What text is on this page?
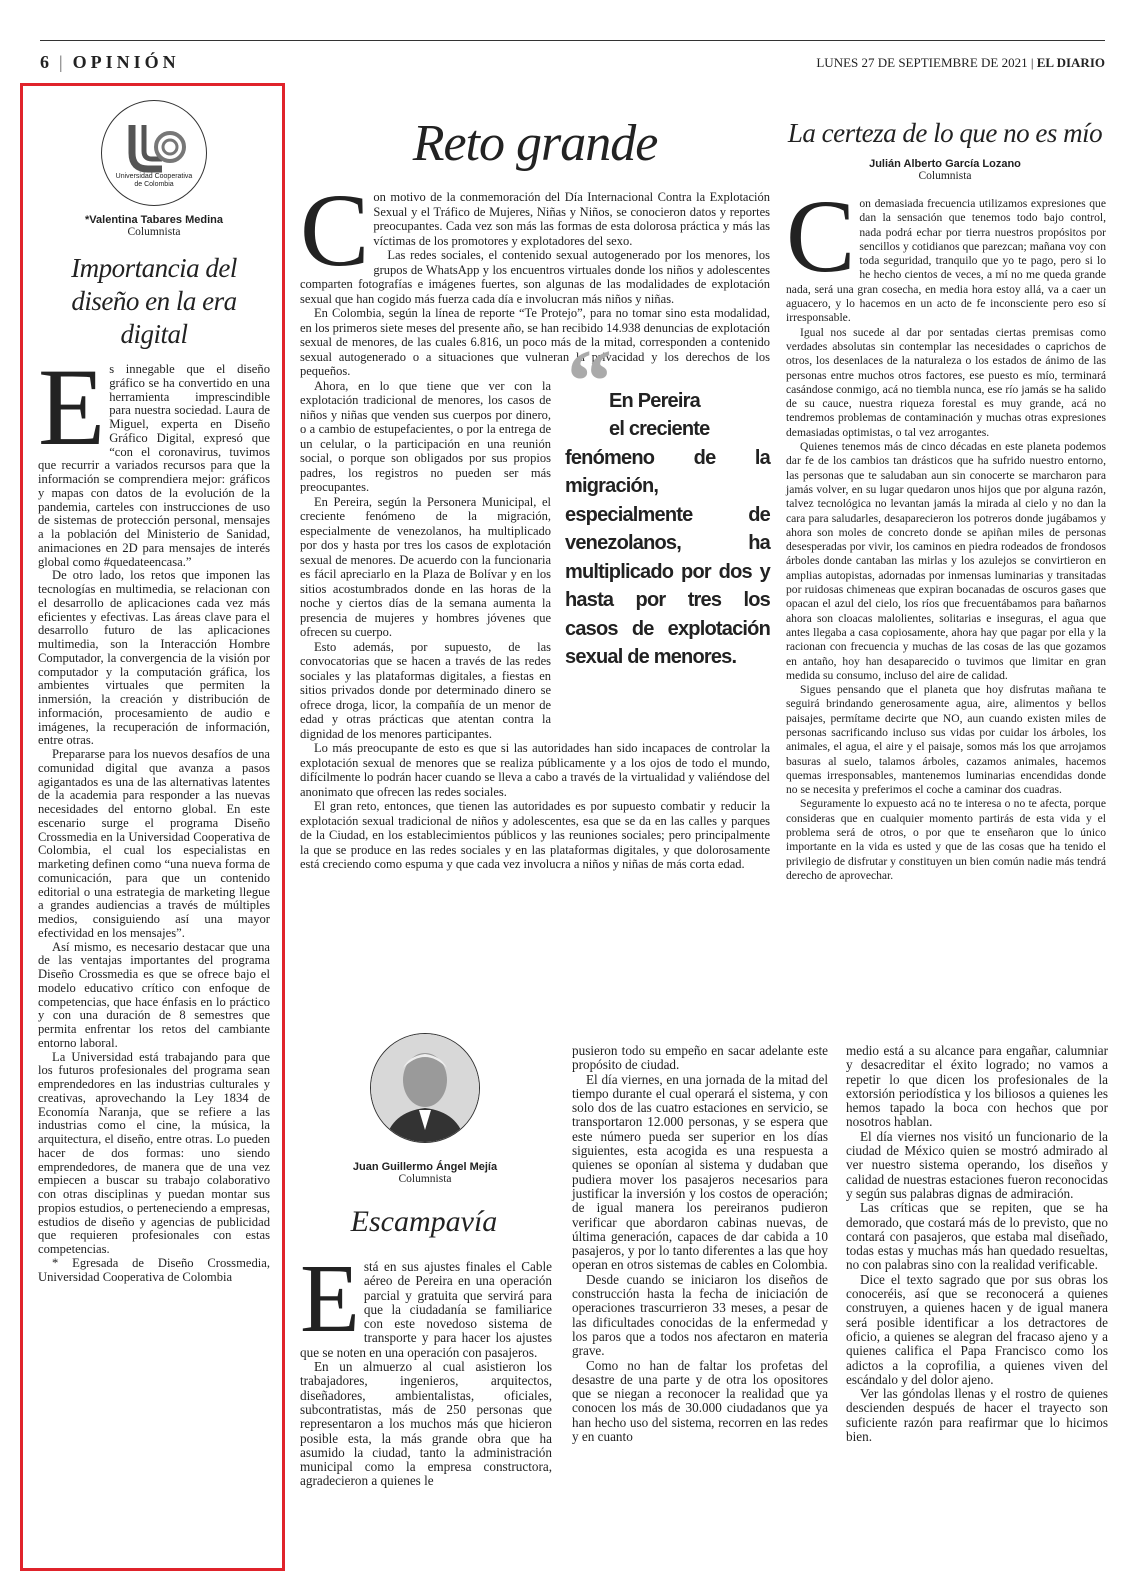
6 | OPINIÓN	LUNES 27 DE SEPTIEMBRE DE 2021 | EL DIARIO
Universidad Cooperativa
de Colombia
*Valentina Tabares Medina
Columnista
Importancia del
diseño en la era digital

Es innegable que el diseño gráfico se ha convertido en una herramienta imprescindible para nuestra sociedad. Laura de Miguel, experta en Diseño Gráfico Digital, expresó que “con el coronavirus, tuvimos que recurrir a variados recursos para que la información se comprendiera mejor: gráficos y mapas con datos de la evolución de la pandemia, carteles con instrucciones de uso de sistemas de protección personal, mensajes a la población del Ministerio de Sanidad, animaciones en 2D para mensajes de interés global como #quedateencasa.”

De otro lado, los retos que imponen las tecnologías en multimedia, se relacionan con el desarrollo de aplicaciones cada vez más eficientes y efectivas. Las áreas clave para el desarrollo futuro de las aplicaciones multimedia, son la Interacción Hombre Computador, la convergencia de la visión por computador y la computación gráfica, los ambientes virtuales que permiten la inmersión, la creación y distribución de información, procesamiento de audio e imágenes, la recuperación de información, entre otras.

Prepararse para los nuevos desafíos de una comunidad digital que avanza a pasos agigantados es una de las alternativas latentes de la academia para responder a las nuevas necesidades del entorno global. En este escenario surge el programa Diseño Crossmedia en la Universidad Cooperativa de Colombia, el cual los especialistas en marketing definen como “una nueva forma de comunicación, para que un contenido editorial o una estrategia de marketing llegue a grandes audiencias a través de múltiples medios, consiguiendo así una mayor efectividad en los mensajes”.

Así mismo, es necesario destacar que una de las ventajas importantes del programa Diseño Crossmedia es que se ofrece bajo el modelo educativo crítico con enfoque de competencias, que hace énfasis en lo práctico y con una duración de 8 semestres que permita enfrentar los retos del cambiante entorno laboral.

La Universidad está trabajando para que los futuros profesionales del programa sean emprendedores en las industrias culturales y creativas, aprovechando la Ley 1834 de Economía Naranja, que se refiere a las industrias como el cine, la música, la arquitectura, el diseño, entre otras. Lo pueden hacer de dos formas: uno siendo emprendedores, de manera que de una vez empiecen a buscar su trabajo colaborativo con otras disciplinas y puedan montar sus propios estudios, o perteneciendo a empresas, estudios de diseño y agencias de publicidad que requieren profesionales con estas competencias.

* Egresada de Diseño Crossmedia, Universidad Cooperativa de Colombia

Reto grande

Con motivo de la conmemoración del Día Internacional Contra la Explotación Sexual y el Tráfico de Mujeres, Niñas y Niños, se conocieron datos y reportes preocupantes. Cada vez son más las formas de esta dolorosa práctica y más las víctimas de los promotores y explotadores del sexo.

Las redes sociales, el contenido sexual autogenerado por los menores, los grupos de WhatsApp y los encuentros virtuales donde los niños y adolescentes comparten fotografías e imágenes fuertes, son algunas de las modalidades de explotación sexual que han cogido más fuerza cada día e involucran más niños y niñas.

En Colombia, según la línea de reporte “Te Protejo”, para no tomar sino esta modalidad, en los primeros siete meses del presente año, se han recibido 14.938 denuncias de explotación sexual de menores, de las cuales 6.816, un poco más de la mitad, corresponden a contenido sexual autogenerado o a situaciones que vulneran la privacidad y los derechos de los pequeños.	“
En Pereira
el creciente
fenómeno de la migración, especialmente de venezolanos, ha multiplicado por dos y hasta por tres los casos de explotación sexual de menores.

Ahora, en lo que tiene que ver con la explotación tradicional de menores, los casos de niños y niñas que venden sus cuerpos por dinero, o a cambio de estupefacientes, o por la entrega de un celular, o la participación en una reunión social, o porque son obligados por sus propios padres, los registros no pueden ser más preocupantes.

En Pereira, según la Personera Municipal, el creciente fenómeno de la migración, especialmente de venezolanos, ha multiplicado por dos y hasta por tres los casos de explotación sexual de menores. De acuerdo con la funcionaria es fácil apreciarlo en la Plaza de Bolívar y en los sitios acostumbrados donde en las horas de la noche y ciertos días de la semana aumenta la presencia de mujeres y hombres jóvenes que ofrecen su cuerpo.

Esto además, por supuesto, de las convocatorias que se hacen a través de las redes sociales y las plataformas digitales, a fiestas en sitios privados donde por determinado dinero se ofrece droga, licor, la compañía de un menor de edad y otras prácticas que atentan contra la dignidad de los menores participantes.

Lo más preocupante de esto es que si las autoridades han sido incapaces de controlar la explotación sexual de menores que se realiza públicamente y a los ojos de todo el mundo, difícilmente lo podrán hacer cuando se lleva a cabo a través de la virtualidad y valiéndose del anonimato que ofrecen las redes sociales.

El gran reto, entonces, que tienen las autoridades es por supuesto combatir y reducir la explotación sexual tradicional de niños y adolescentes, esa que se da en las calles y parques de la Ciudad, en los establecimientos públicos y las reuniones sociales; pero principalmente la que se produce en las redes sociales y en las plataformas digitales, y que dolorosamente está creciendo como espuma y que cada vez involucra a niños y niñas de más corta edad.

La certeza de lo que no es mío
Julián Alberto García Lozano
Columnista

Con demasiada frecuencia utilizamos expresiones que dan la sensación que tenemos todo bajo control, nada podrá echar por tierra nuestros propósitos por sencillos y cotidianos que parezcan; mañana voy con toda seguridad, tranquilo que yo te pago, pero si lo he hecho cientos de veces, a mí no me queda grande nada, será una gran cosecha, en media hora estoy allá, va a caer un aguacero, y lo hacemos en un acto de fe inconsciente pero eso sí irresponsable.

Igual nos sucede al dar por sentadas ciertas premisas como verdades absolutas sin contemplar las necesidades o caprichos de otros, los desenlaces de la naturaleza o los estados de ánimo de las personas entre muchos otros factores, ese puesto es mío, terminará casándose conmigo, acá no tiembla nunca, ese río jamás se ha salido de su cauce, nuestra riqueza forestal es muy grande, acá no tendremos problemas de contaminación y muchas otras expresiones demasiadas optimistas, o tal vez arrogantes.

Quienes tenemos más de cinco décadas en este planeta podemos dar fe de los cambios tan drásticos que ha sufrido nuestro entorno, las personas que te saludaban aun sin conocerte se marcharon para jamás volver, en su lugar quedaron unos hijos que por alguna razón, talvez tecnológica no levantan jamás la mirada al cielo y no dan la cara para saludarles, desaparecieron los potreros donde jugábamos y ahora son moles de concreto donde se apiñan miles de personas desesperadas por vivir, los caminos en piedra rodeados de frondosos árboles donde cantaban las mirlas y los azulejos se convirtieron en amplias autopistas, adornadas por inmensas luminarias y transitadas por ruidosas chimeneas que expiran bocanadas de oscuros gases que opacan el azul del cielo, los ríos que frecuentábamos para bañarnos ahora son cloacas malolientes, solitarias e inseguras, el agua que antes llegaba a casa copiosamente, ahora hay que pagar por ella y la racionan con frecuencia y muchas de las cosas de las que gozamos en antaño, hoy han desaparecido o tuvimos que limitar en gran medida su consumo, incluso del aire de calidad.

Sigues pensando que el planeta que hoy disfrutas mañana te seguirá brindando generosamente agua, aire, alimentos y bellos paisajes, permítame decirte que NO, aun cuando existen miles de personas sacrificando incluso sus vidas por cuidar los árboles, los animales, el agua, el aire y el paisaje, somos más los que arrojamos basuras al suelo, talamos árboles, cazamos animales, hacemos quemas irresponsables, mantenemos luminarias encendidas donde no se necesita y preferimos el coche a caminar dos cuadras.

Seguramente lo expuesto acá no te interesa o no te afecta, porque consideras que en cualquier momento partirás de esta vida y el problema será de otros, o por que te enseñaron que lo único importante en la vida es usted y que de las cosas que ha tenido el privilegio de disfrutar y constituyen un bien común nadie más tendrá derecho de aprovechar.

Juan Guillermo Ángel Mejía
Columnista
Escampavía

Está en sus ajustes finales el Cable aéreo de Pereira en una operación parcial y gratuita que servirá para que la ciudadanía se familiarice con este novedoso sistema de transporte y para hacer los ajustes que se noten en una operación con pasajeros.

En un almuerzo al cual asistieron los trabajadores, ingenieros, arquitectos, diseñadores, ambientalistas, oficiales, subcontratistas, más de 250 personas que representaron a los muchos más que hicieron posible esta, la más grande obra que ha asumido la ciudad, tanto la administración municipal como la empresa constructora, agradecieron a quienes le

pusieron todo su empeño en sacar adelante este propósito de ciudad.

El día viernes, en una jornada de la mitad del tiempo durante el cual operará el sistema, y con solo dos de las cuatro estaciones en servicio, se transportaron 12.000 personas, y se espera que este número pueda ser superior en los días siguientes, esta acogida es una respuesta a quienes se oponían al sistema y dudaban que pudiera mover los pasajeros necesarios para justificar la inversión y los costos de operación; de igual manera los pereiranos pudieron verificar que abordaron cabinas nuevas, de última generación, capaces de dar cabida a 10 pasajeros, y por lo tanto diferentes a las que hoy operan en otros sistemas de cables en Colombia.

Desde cuando se iniciaron los diseños de construcción hasta la fecha de iniciación de operaciones trascurrieron 33 meses, a pesar de las dificultades conocidas de la enfermedad y los paros que a todos nos afectaron en materia grave.

Como no han de faltar los profetas del desastre de una parte y de otra los opositores que se niegan a reconocer la realidad que ya conocen los más de 30.000 ciudadanos que ya han hecho uso del sistema, recorren en las redes y en cuanto

medio está a su alcance para engañar, calumniar y desacreditar el éxito logrado; no vamos a repetir lo que dicen los profesionales de la extorsión periodística y los biliosos a quienes les hemos tapado la boca con hechos que por nosotros hablan.

El día viernes nos visitó un funcionario de la ciudad de México quien se mostró admirado al ver nuestro sistema operando, los diseños y calidad de nuestras estaciones fueron reconocidas y según sus palabras dignas de admiración.

Las críticas que se repiten, que se ha demorado, que costará más de lo previsto, que no contará con pasajeros, que estaba mal diseñado, todas estas y muchas más han quedado resueltas, no con palabras sino con la realidad verificable.

Dice el texto sagrado que por sus obras los conoceréis, así que se reconocerá a quienes construyen, a quienes hacen y de igual manera será posible identificar a los detractores de oficio, a quienes se alegran del fracaso ajeno y a quienes califica el Papa Francisco como los adictos a la coprofilia, a quienes viven del escándalo y del dolor ajeno.

Ver las góndolas llenas y el rostro de quienes descienden después de hacer el trayecto son suficiente razón para reafirmar que lo hicimos bien.
